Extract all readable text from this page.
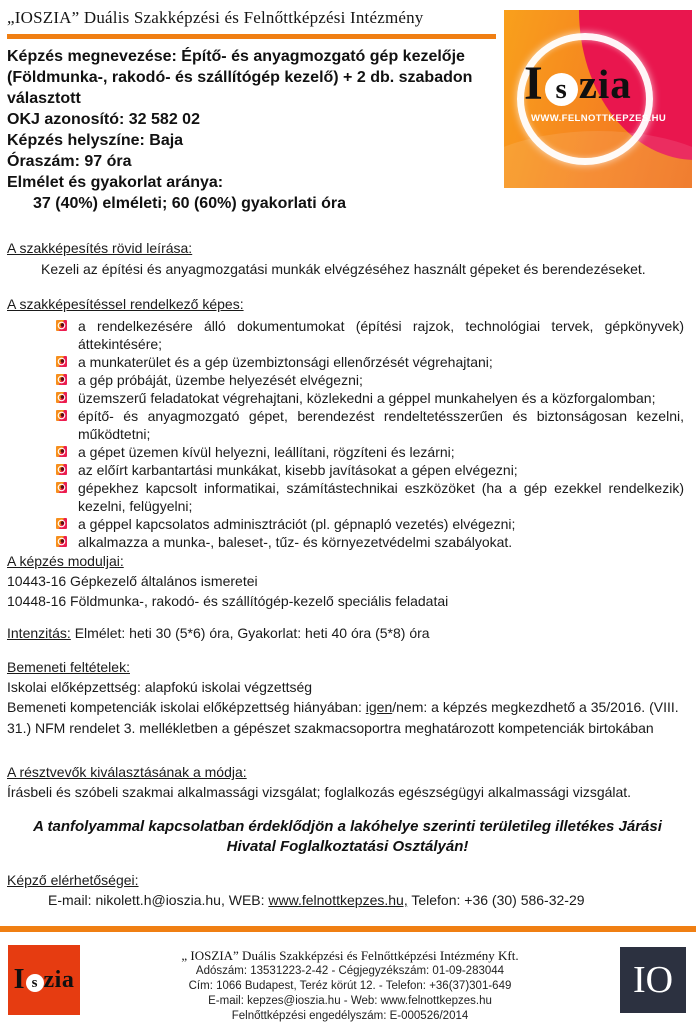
I s zia
WWW.FELNOTTKEPZES.HU
„IOSZIA” Duális Szakképzési és Felnőttképzési Intézmény
Képzés megnevezése: Építő- és anyagmozgató gép kezelője (Földmunka-, rakodó- és szállítógép kezelő) + 2 db. szabadon választott
OKJ azonosító: 32 582 02
Képzés helyszíne: Baja
Óraszám: 97 óra
Elmélet és gyakorlat aránya:
37 (40%) elméleti; 60 (60%) gyakorlati óra
A szakképesítés rövid leírása:
Kezeli az építési és anyagmozgatási munkák elvégzéséhez használt gépeket és berendezéseket.
A szakképesítéssel rendelkező képes:
a rendelkezésére álló dokumentumokat (építési rajzok, technológiai tervek, gépkönyvek) áttekintésére;
a munkaterület és a gép üzembiztonsági ellenőrzését végrehajtani;
a gép próbáját, üzembe helyezését elvégezni;
üzemszerű feladatokat végrehajtani, közlekedni a géppel munkahelyen és a közforgalomban;
építő- és anyagmozgató gépet, berendezést rendeltetésszerűen és biztonságosan kezelni, működtetni;
a gépet üzemen kívül helyezni, leállítani, rögzíteni és lezárni;
az előírt karbantartási munkákat, kisebb javításokat a gépen elvégezni;
gépekhez kapcsolt informatikai, számítástechnikai eszközöket (ha a gép ezekkel rendelkezik) kezelni, felügyelni;
a géppel kapcsolatos adminisztrációt (pl. gépnapló vezetés) elvégezni;
alkalmazza a munka-, baleset-, tűz- és környezetvédelmi szabályokat.
A képzés moduljai:
10443-16 Gépkezelő általános ismeretei
10448-16 Földmunka-, rakodó- és szállítógép-kezelő speciális feladatai
Intenzitás: Elmélet: heti 30 (5*6) óra, Gyakorlat: heti 40 óra (5*8) óra
Bemeneti feltételek:
Iskolai előképzettség: alapfokú iskolai végzettség
Bemeneti kompetenciák iskolai előképzettség hiányában: igen/nem: a képzés megkezdhető a 35/2016. (VIII. 31.) NFM rendelet 3. mellékletben a gépészet szakmacsoportra meghatározott kompetenciák birtokában
A résztvevők kiválasztásának a módja:
Írásbeli és szóbeli szakmai alkalmassági vizsgálat; foglalkozás egészségügyi alkalmassági vizsgálat.
A tanfolyammal kapcsolatban érdeklődjön a lakóhelye szerinti területileg illetékes Járási Hivatal Foglalkoztatási Osztályán!
Képző elérhetőségei:
E-mail: nikolett.h@ioszia.hu, WEB: www.felnottkepzes.hu, Telefon: +36 (30) 586-32-29
I s zia
„ IOSZIA” Duális Szakképzési és Felnőttképzési Intézmény Kft.
Adószám: 13531223-2-42 - Cégjegyzékszám: 01-09-283044
Cím: 1066 Budapest, Teréz körút 12. - Telefon: +36(37)301-649
E-mail: kepzes@ioszia.hu - Web: www.felnottkepzes.hu
Felnőttképzési engedélyszám: E-000526/2014
IO
